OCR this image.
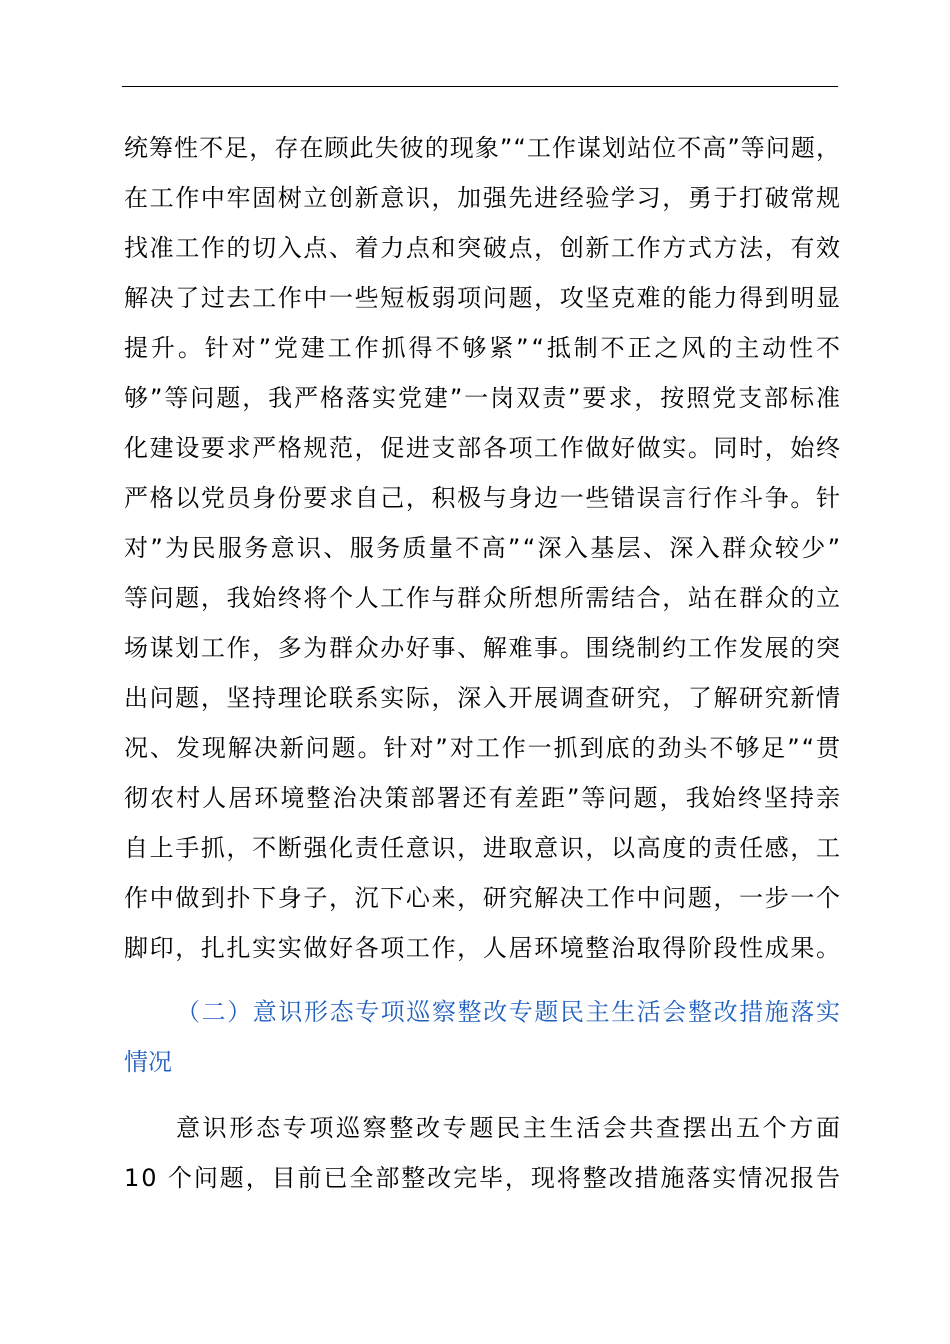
统筹性不足，存在顾此失彼的现象”“工作谋划站位不高”等问题，
在工作中牢固树立创新意识，加强先进经验学习，勇于打破常规
找准工作的切入点、着力点和突破点，创新工作方式方法，有效
解决了过去工作中一些短板弱项问题，攻坚克难的能力得到明显
提升。针对”党建工作抓得不够紧”“抵制不正之风的主动性不
够”等问题，我严格落实党建”一岗双责”要求，按照党支部标准
化建设要求严格规范，促进支部各项工作做好做实。同时，始终
严格以党员身份要求自己，积极与身边一些错误言行作斗争。针
对”为民服务意识、服务质量不高”“深入基层、深入群众较少”
等问题，我始终将个人工作与群众所想所需结合，站在群众的立
场谋划工作，多为群众办好事、解难事。围绕制约工作发展的突
出问题，坚持理论联系实际，深入开展调查研究，了解研究新情
况、发现解决新问题。针对”对工作一抓到底的劲头不够足”“贯
彻农村人居环境整治决策部署还有差距”等问题，我始终坚持亲
自上手抓，不断强化责任意识，进取意识，以高度的责任感，工
作中做到扑下身子，沉下心来，研究解决工作中问题，一步一个
脚印，扎扎实实做好各项工作，人居环境整治取得阶段性成果。
（二）意识形态专项巡察整改专题民主生活会整改措施落实
情况
意识形态专项巡察整改专题民主生活会共查摆出五个方面
10 个问题，目前已全部整改完毕，现将整改措施落实情况报告
